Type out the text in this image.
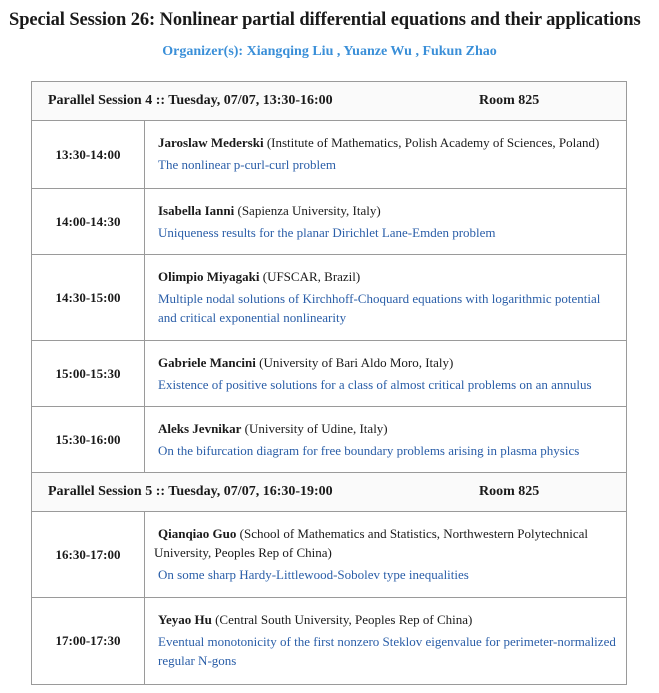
Special Session 26: Nonlinear partial differential equations and their applications
Organizer(s): Xiangqing Liu , Yuanze Wu , Fukun Zhao
Parallel Session 4 :: Tuesday, 07/07, 13:30-16:00	Room 825
13:30-14:00
Jaroslaw Mederski (Institute of Mathematics, Polish Academy of Sciences, Poland)
The nonlinear p-curl-curl problem
14:00-14:30
Isabella Ianni (Sapienza University, Italy)
Uniqueness results for the planar Dirichlet Lane-Emden problem
14:30-15:00
Olimpio Miyagaki (UFSCAR, Brazil)
Multiple nodal solutions of Kirchhoff-Choquard equations with logarithmic potential and critical exponential nonlinearity
15:00-15:30
Gabriele Mancini (University of Bari Aldo Moro, Italy)
Existence of positive solutions for a class of almost critical problems on an annulus
15:30-16:00
Aleks Jevnikar (University of Udine, Italy)
On the bifurcation diagram for free boundary problems arising in plasma physics
Parallel Session 5 :: Tuesday, 07/07, 16:30-19:00	Room 825
16:30-17:00
Qianqiao Guo (School of Mathematics and Statistics, Northwestern Polytechnical University, Peoples Rep of China)
On some sharp Hardy-Littlewood-Sobolev type inequalities
17:00-17:30
Yeyao Hu (Central South University, Peoples Rep of China)
Eventual monotonicity of the first nonzero Steklov eigenvalue for perimeter-normalized regular N-gons
